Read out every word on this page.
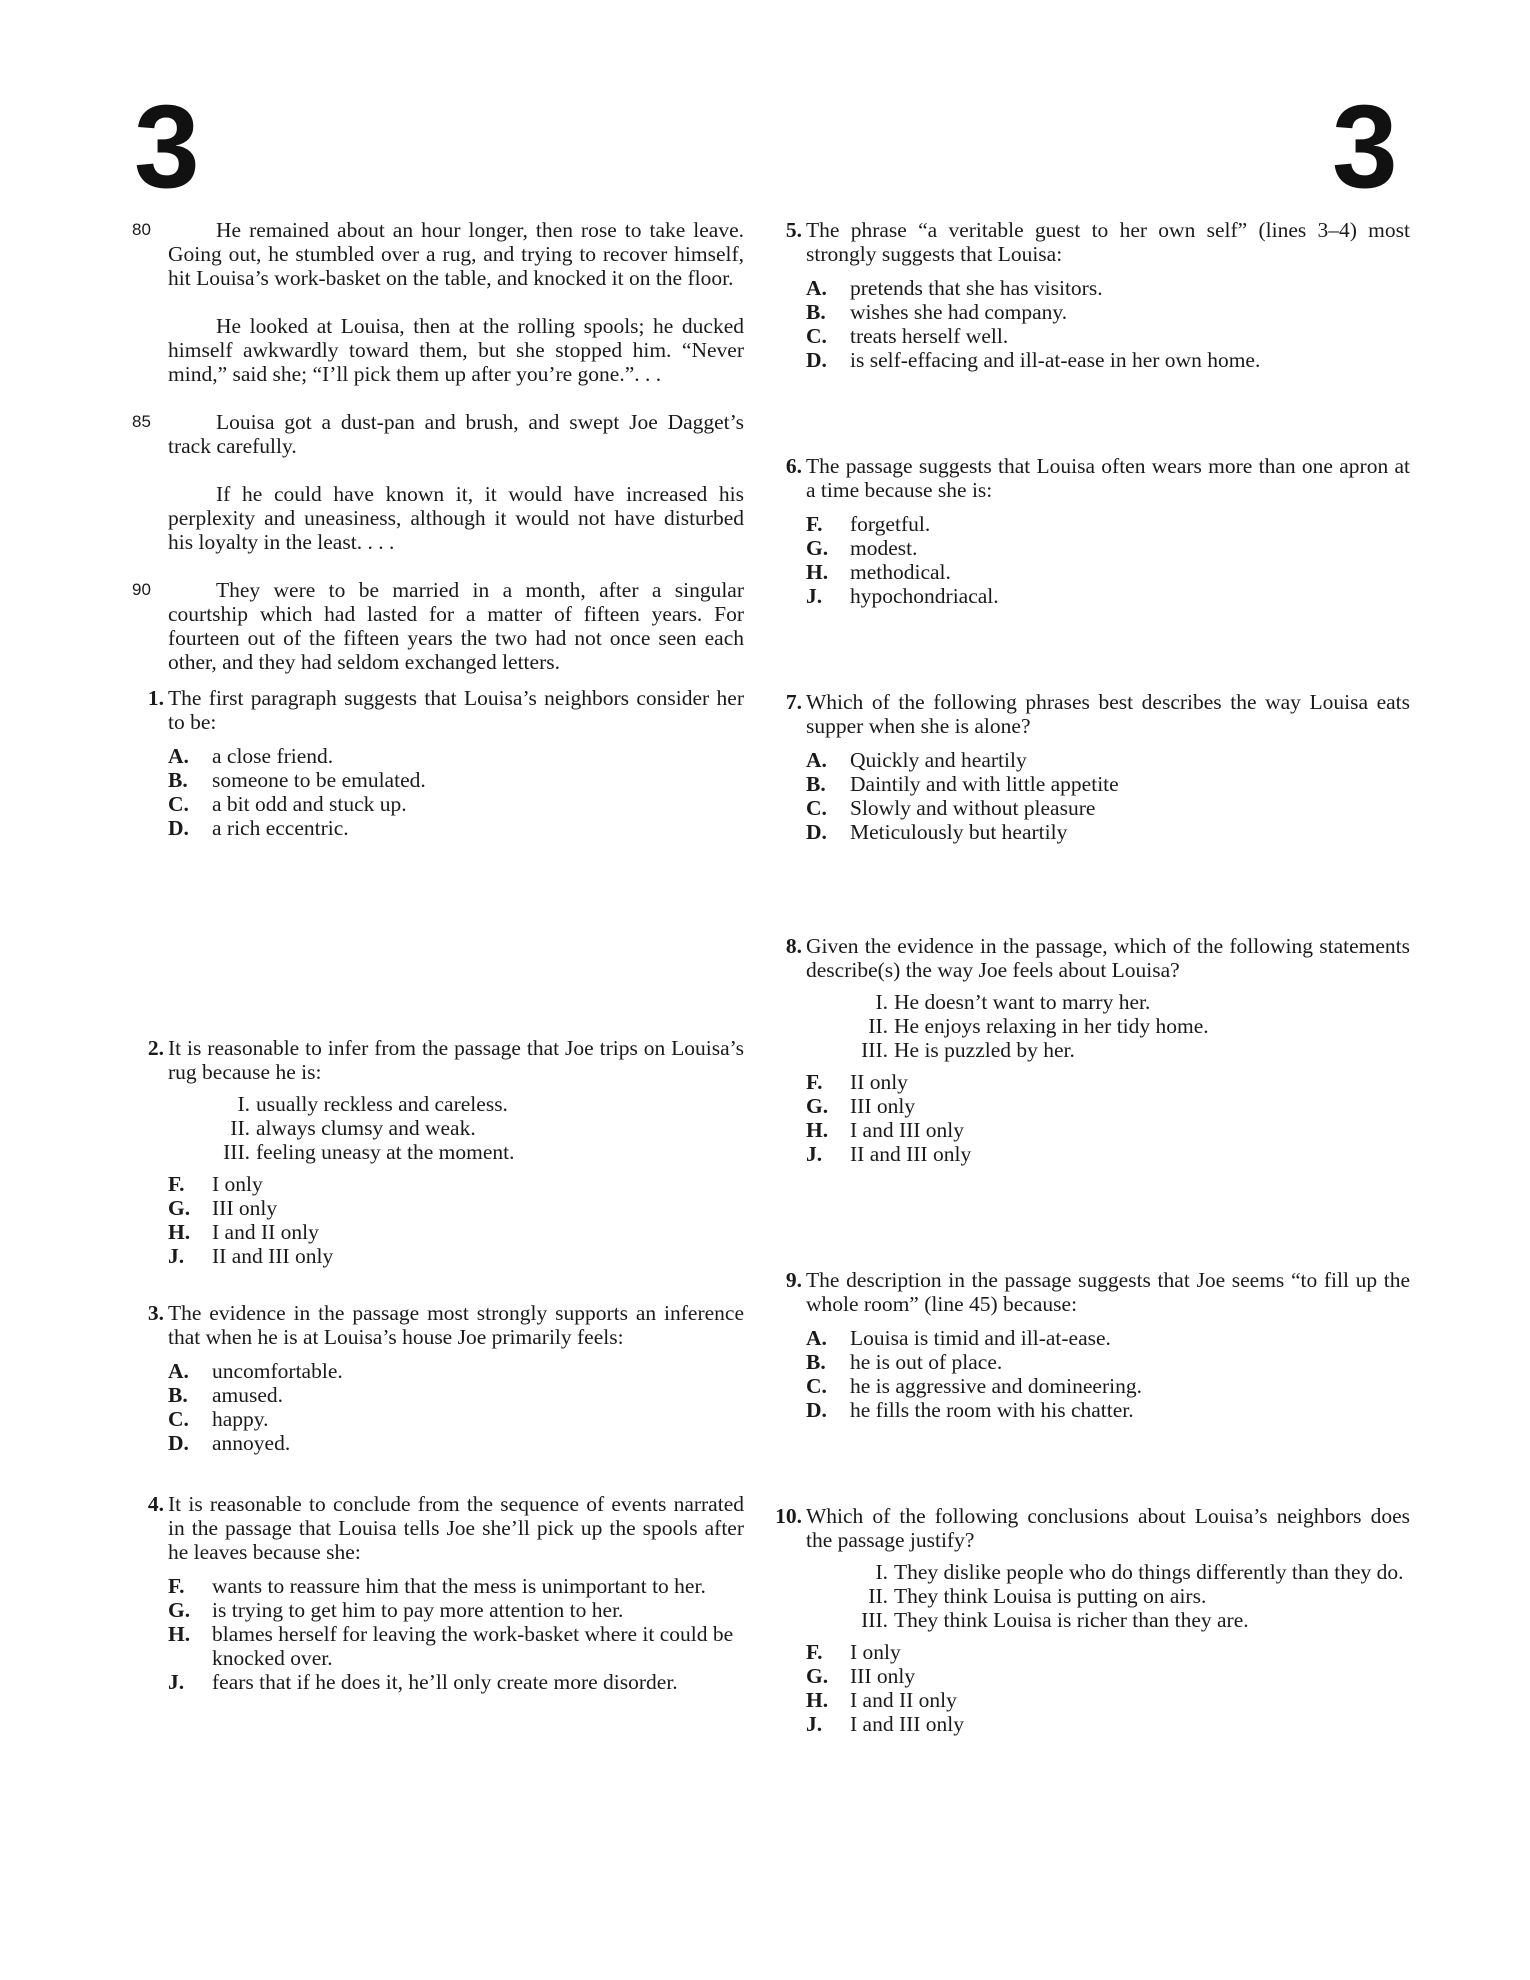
3	3

80	He remained about an hour longer, then rose to take leave. Going out, he stumbled over a rug, and trying to recover himself, hit Louisa’s work-basket on the table, and knocked it on the floor.

He looked at Louisa, then at the rolling spools; he ducked himself awkwardly toward them, but she stopped him. “Never mind,” said she; “I’ll pick them up after you’re gone.”. . .

85	Louisa got a dust-pan and brush, and swept Joe Dagget’s track carefully.

If he could have known it, it would have increased his perplexity and uneasiness, although it would not have disturbed his loyalty in the least. . . .

90	They were to be married in a month, after a singular courtship which had lasted for a matter of fifteen years. For fourteen out of the fifteen years the two had not once seen each other, and they had seldom exchanged letters.

1. The first paragraph suggests that Louisa’s neighbors consider her to be:

A. a close friend.
B. someone to be emulated.
C. a bit odd and stuck up.
D. a rich eccentric.
2. It is reasonable to infer from the passage that Joe trips on Louisa’s rug because he is:

I. usually reckless and careless.
II. always clumsy and weak.
III. feeling uneasy at the moment.
F. I only
G. III only
H. I and II only
J. II and III only
3. The evidence in the passage most strongly supports an inference that when he is at Louisa’s house Joe primarily feels:

A. uncomfortable.
B. amused.
C. happy.
D. annoyed.
4. It is reasonable to conclude from the sequence of events narrated in the passage that Louisa tells Joe she’ll pick up the spools after he leaves because she:

F. wants to reassure him that the mess is unimportant to her.
G. is trying to get him to pay more attention to her.
H. blames herself for leaving the work-basket where it could be knocked over.
J. fears that if he does it, he’ll only create more disorder.
5. The phrase “a veritable guest to her own self” (lines 3–4) most strongly suggests that Louisa:

A. pretends that she has visitors.
B. wishes she had company.
C. treats herself well.
D. is self-effacing and ill-at-ease in her own home.
6. The passage suggests that Louisa often wears more than one apron at a time because she is:

F. forgetful.
G. modest.
H. methodical.
J. hypochondriacal.
7. Which of the following phrases best describes the way Louisa eats supper when she is alone?

A. Quickly and heartily
B. Daintily and with little appetite
C. Slowly and without pleasure
D. Meticulously but heartily
8. Given the evidence in the passage, which of the following statements describe(s) the way Joe feels about Louisa?

I. He doesn’t want to marry her.
II. He enjoys relaxing in her tidy home.
III. He is puzzled by her.
F. II only
G. III only
H. I and III only
J. II and III only
9. The description in the passage suggests that Joe seems “to fill up the whole room” (line 45) because:

A. Louisa is timid and ill-at-ease.
B. he is out of place.
C. he is aggressive and domineering.
D. he fills the room with his chatter.
10. Which of the following conclusions about Louisa’s neighbors does the passage justify?

I. They dislike people who do things differently than they do.
II. They think Louisa is putting on airs.
III. They think Louisa is richer than they are.
F. I only
G. III only
H. I and II only
J. I and III only
